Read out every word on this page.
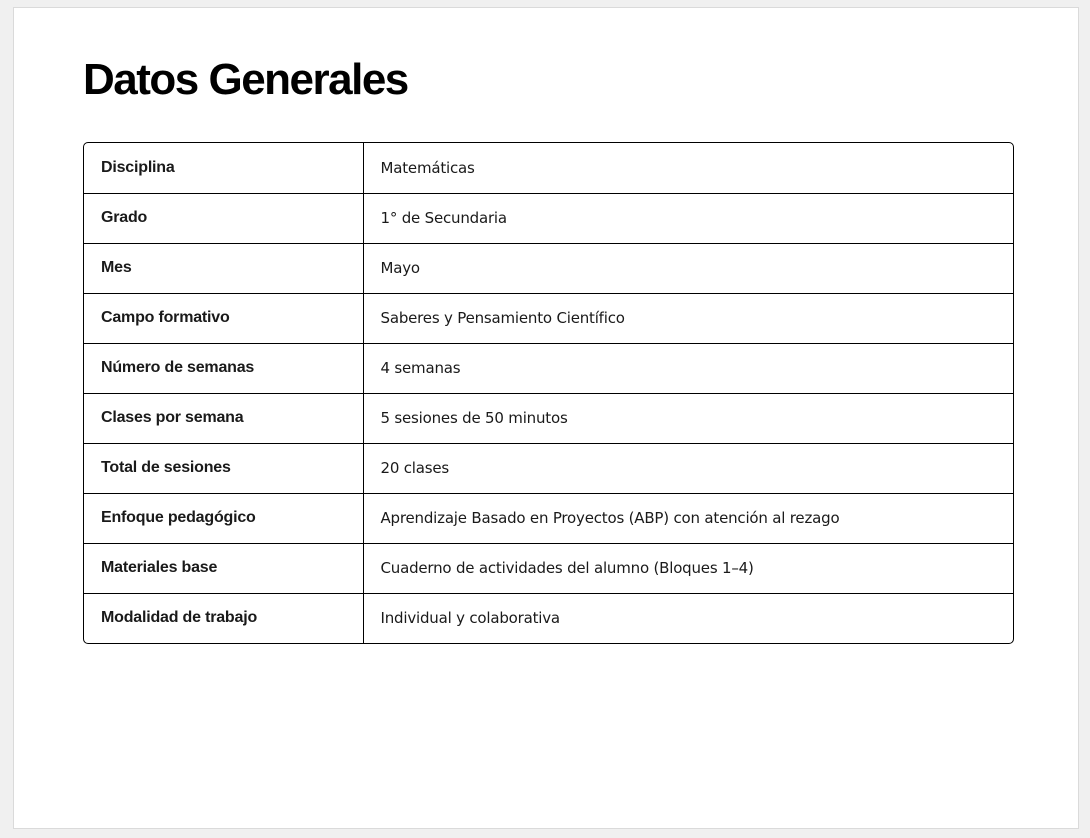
Datos Generales
Disciplina	Matemáticas
Grado	1° de Secundaria
Mes	Mayo
Campo formativo	Saberes y Pensamiento Científico
Número de semanas	4 semanas
Clases por semana	5 sesiones de 50 minutos
Total de sesiones	20 clases
Enfoque pedagógico	Aprendizaje Basado en Proyectos (ABP) con atención al rezago
Materiales base	Cuaderno de actividades del alumno (Bloques 1–4)
Modalidad de trabajo	Individual y colaborativa
